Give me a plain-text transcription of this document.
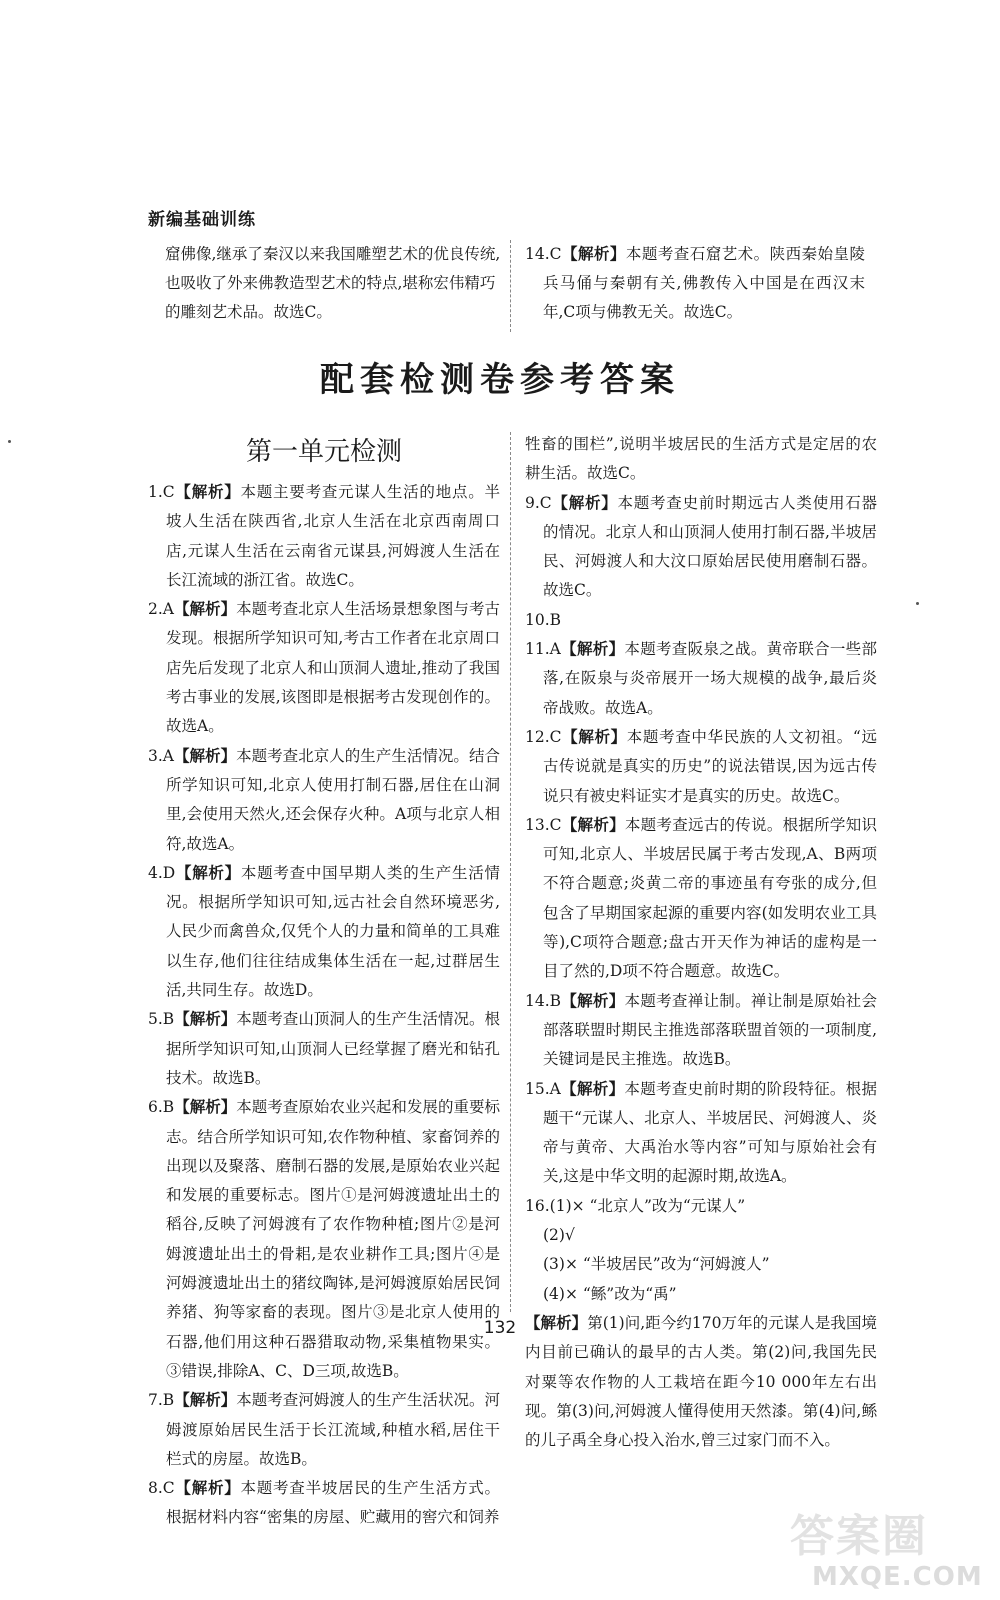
新编基础训练
窟佛像,继承了秦汉以来我国雕塑艺术的优良传统,也吸收了外来佛教造型艺术的特点,堪称宏伟精巧的雕刻艺术品。故选C。
14.C【解析】本题考查石窟艺术。陕西秦始皇陵兵马俑与秦朝有关,佛教传入中国是在西汉末年,C项与佛教无关。故选C。
配套检测卷参考答案
第一单元检测
1.C【解析】本题主要考查元谋人生活的地点。半坡人生活在陕西省,北京人生活在北京西南周口店,元谋人生活在云南省元谋县,河姆渡人生活在长江流域的浙江省。故选C。
2.A【解析】本题考查北京人生活场景想象图与考古发现。根据所学知识可知,考古工作者在北京周口店先后发现了北京人和山顶洞人遗址,推动了我国考古事业的发展,该图即是根据考古发现创作的。故选A。
3.A【解析】本题考查北京人的生产生活情况。结合所学知识可知,北京人使用打制石器,居住在山洞里,会使用天然火,还会保存火种。A项与北京人相符,故选A。
4.D【解析】本题考查中国早期人类的生产生活情况。根据所学知识可知,远古社会自然环境恶劣,人民少而禽兽众,仅凭个人的力量和简单的工具难以生存,他们往往结成集体生活在一起,过群居生活,共同生存。故选D。
5.B【解析】本题考查山顶洞人的生产生活情况。根据所学知识可知,山顶洞人已经掌握了磨光和钻孔技术。故选B。
6.B【解析】本题考查原始农业兴起和发展的重要标志。结合所学知识可知,农作物种植、家畜饲养的出现以及聚落、磨制石器的发展,是原始农业兴起和发展的重要标志。图片①是河姆渡遗址出土的稻谷,反映了河姆渡有了农作物种植;图片②是河姆渡遗址出土的骨耜,是农业耕作工具;图片④是河姆渡遗址出土的猪纹陶钵,是河姆渡原始居民饲养猪、狗等家畜的表现。图片③是北京人使用的石器,他们用这种石器猎取动物,采集植物果实。③错误,排除A、C、D三项,故选B。
7.B【解析】本题考查河姆渡人的生产生活状况。河姆渡原始居民生活于长江流域,种植水稻,居住干栏式的房屋。故选B。
8.C【解析】本题考查半坡居民的生产生活方式。根据材料内容“密集的房屋、贮藏用的窖穴和饲养
牲畜的围栏”,说明半坡居民的生活方式是定居的农耕生活。故选C。
9.C【解析】本题考查史前时期远古人类使用石器的情况。北京人和山顶洞人使用打制石器,半坡居民、河姆渡人和大汶口原始居民使用磨制石器。故选C。
10.B
11.A【解析】本题考查阪泉之战。黄帝联合一些部落,在阪泉与炎帝展开一场大规模的战争,最后炎帝战败。故选A。
12.C【解析】本题考查中华民族的人文初祖。“远古传说就是真实的历史”的说法错误,因为远古传说只有被史料证实才是真实的历史。故选C。
13.C【解析】本题考查远古的传说。根据所学知识可知,北京人、半坡居民属于考古发现,A、B两项不符合题意;炎黄二帝的事迹虽有夸张的成分,但包含了早期国家起源的重要内容(如发明农业工具等),C项符合题意;盘古开天作为神话的虚构是一目了然的,D项不符合题意。故选C。
14.B【解析】本题考查禅让制。禅让制是原始社会部落联盟时期民主推选部落联盟首领的一项制度,关键词是民主推选。故选B。
15.A【解析】本题考查史前时期的阶段特征。根据题干“元谋人、北京人、半坡居民、河姆渡人、炎帝与黄帝、大禹治水等内容”可知与原始社会有关,这是中华文明的起源时期,故选A。
16.(1)× “北京人”改为“元谋人”
(2)√
(3)× “半坡居民”改为“河姆渡人”
(4)× “鲧”改为“禹”
【解析】第(1)问,距今约170万年的元谋人是我国境内目前已确认的最早的古人类。第(2)问,我国先民对粟等农作物的人工栽培在距今10 000年左右出现。第(3)问,河姆渡人懂得使用天然漆。第(4)问,鲧的儿子禹全身心投入治水,曾三过家门而不入。
132
答案圈
MXQE.COM
